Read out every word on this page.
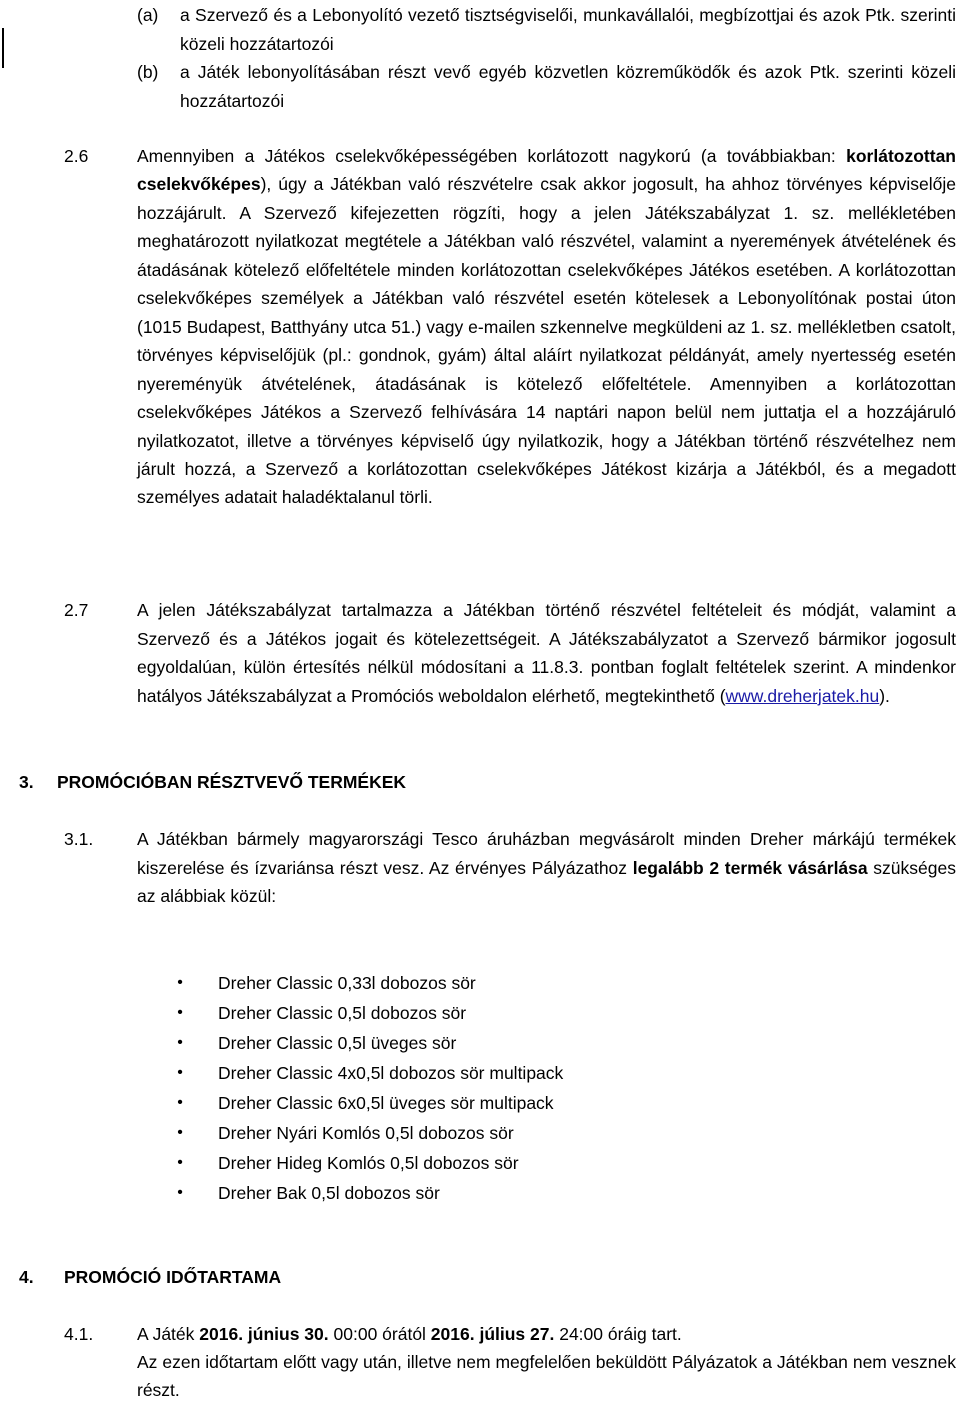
(a) a Szervező és a Lebonyolító vezető tisztségviselői, munkavállalói, megbízottjai és azok Ptk. szerinti közeli hozzátartozói
(b) a Játék lebonyolításában részt vevő egyéb közvetlen közreműködők és azok Ptk. szerinti közeli hozzátartozói
2.6	Amennyiben a Játékos cselekvőképességében korlátozott nagykorú (a továbbiakban: korlátozottan cselekvőképes), úgy a Játékban való részvételre csak akkor jogosult, ha ahhoz törvényes képviselője hozzájárult. A Szervező kifejezetten rögzíti, hogy a jelen Játékszabályzat 1. sz. mellékletében meghatározott nyilatkozat megtétele a Játékban való részvétel, valamint a nyeremények átvételének és átadásának kötelező előfeltétele minden korlátozottan cselekvőképes Játékos esetében. A korlátozottan cselekvőképes személyek a Játékban való részvétel esetén kötelesek a Lebonyolítónak postai úton (1015 Budapest, Batthyány utca 51.) vagy e-mailen szkennelve megküldeni az 1. sz. mellékletben csatolt, törvényes képviselőjük (pl.: gondnok, gyám) által aláírt nyilatkozat példányát, amely nyertesség esetén nyereményük átvételének, átadásának is kötelező előfeltétele. Amennyiben a korlátozottan cselekvőképes Játékos a Szervező felhívására 14 naptári napon belül nem juttatja el a hozzájáruló nyilatkozatot, illetve a törvényes képviselő úgy nyilatkozik, hogy a Játékban történő részvételhez nem járult hozzá, a Szervező a korlátozottan cselekvőképes Játékost kizárja a Játékból, és a megadott személyes adatait haladéktalanul törli.

2.7	A jelen Játékszabályzat tartalmazza a Játékban történő részvétel feltételeit és módját, valamint a Szervező és a Játékos jogait és kötelezettségeit. A Játékszabályzatot a Szervező bármikor jogosult egyoldalúan, külön értesítés nélkül módosítani a 11.8.3. pontban foglalt feltételek szerint. A mindenkor hatályos Játékszabályzat a Promóciós weboldalon elérhető, megtekinthető (www.dreherjatek.hu).

3. PROMÓCIÓBAN RÉSZTVEVŐ TERMÉKEK
3.1.	A Játékban bármely magyarországi Tesco áruházban megvásárolt minden Dreher márkájú termékek kiszerelése és ízvariánsa részt vesz. Az érvényes Pályázathoz legalább 2 termék vásárlása szükséges az alábbiak közül:

• Dreher Classic 0,33l dobozos sör
• Dreher Classic 0,5l dobozos sör
• Dreher Classic 0,5l üveges sör
• Dreher Classic 4x0,5l dobozos sör multipack
• Dreher Classic 6x0,5l üveges sör multipack
• Dreher Nyári Komlós 0,5l dobozos sör
• Dreher Hideg Komlós 0,5l dobozos sör
• Dreher Bak 0,5l dobozos sör
4. PROMÓCIÓ IDŐTARTAMA
4.1.	A Játék 2016. június 30. 00:00 órától 2016. július 27. 24:00 óráig tart.

Az ezen időtartam előtt vagy után, illetve nem megfelelően beküldött Pályázatok a Játékban nem vesznek részt.
